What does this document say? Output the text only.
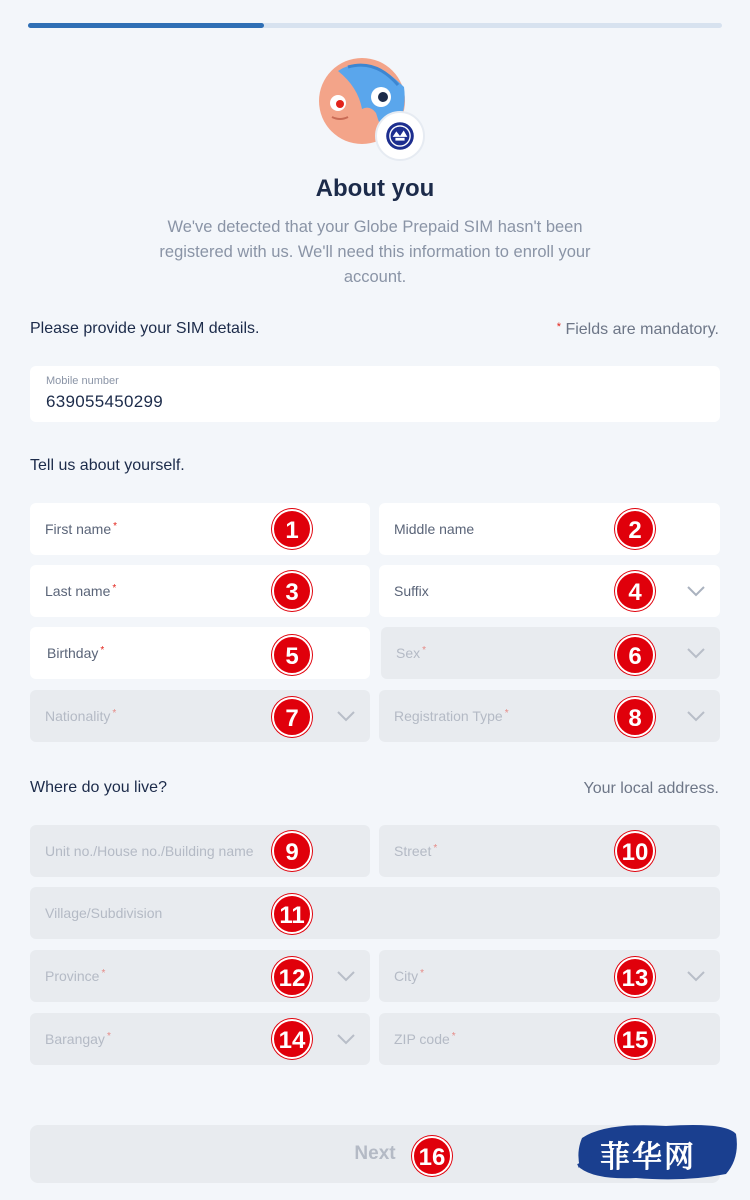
About you
We've detected that your Globe Prepaid SIM hasn't been registered with us. We'll need this information to enroll your account.
Please provide your SIM details.	* Fields are mandatory.
Mobile number
639055450299
Tell us about yourself.
First name *	Middle name
Last name *	Suffix
Birthday *	Sex *
Nationality *	Registration Type *
Where do you live?	Your local address.
Unit no./House no./Building name	Street *
Village/Subdivision
Province *	City *
Barangay *	ZIP code *
Next
1	2
3	4
5	6
7	8
9	10
11
12	13
14	15
16	菲华网
